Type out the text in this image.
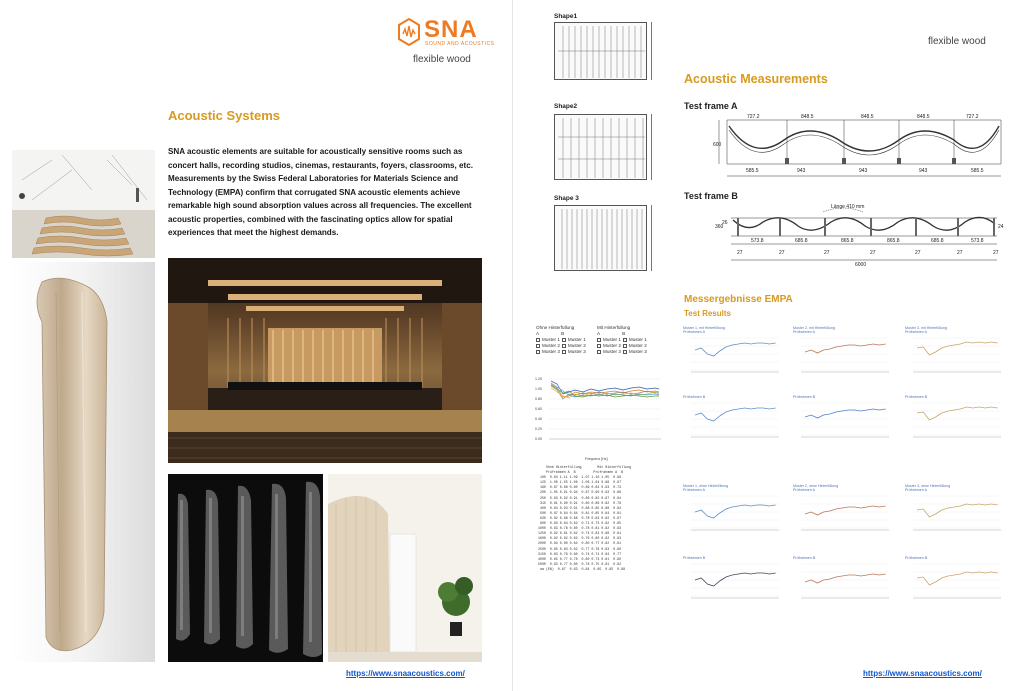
SNA
SOUND AND ACOUSTICS
flexible wood
Acoustic Systems
SNA acoustic elements are suitable for acoustically sensitive rooms such as concert halls, recording studios, cinemas, restaurants, foyers, classrooms, etc. Measurements by the Swiss Federal Laboratories for Materials Science and Technology (EMPA) confirm that corrugated SNA acoustic elements achieve remarkable high sound absorption values across all frequencies. The excellent acoustic properties, combined with the fascinating optics allow for spatial experiences that meet the highest demands.
https://www.snaacoustics.com/
flexible wood
Shape1
Shape2
Shape 3
Acoustic Measurements
Test frame A
727.2	848.5	848.5	848.5	727.2
585.5	943	943	943	585.5
600
Test frame B
Länge 410 mm
573.8	685.8	865.8	865.8	685.8	573.8
27	27	27	27	27	27	27
6000
360
26
24
Messergebnisse EMPA
Test Results
Ohne Hinterfüllung
A	B
Muster 1 Muster 1
Muster 2 Muster 2
Muster 3 Muster 3
Mit Hinterfüllung
A	B
Muster 1 Muster 1
Muster 2 Muster 2
Muster 3 Muster 3
1.20
1.00
0.80
0.60
0.40
0.20
0.00
Frequenz [Hz]
Ohne Hinterfüllung        Mit Hinterfüllung
Prüfrahmen A  B         Prüfrahmen A  B
100  0.84 1.11 1.09  1.07 1.10 1.05  0.99
125  1.00 1.05 1.06  1.06 1.04 0.96  0.97
160  0.87 0.88 0.80  0.89 0.84 0.83  0.73
200  1.05 0.91 0.94  0.87 0.90 0.93  0.86
250  0.83 0.92 0.91  0.86 0.82 0.87  0.84
315  0.91 0.90 0.91  0.80 0.86 0.82  0.79
400  0.84 0.93 0.91  0.88 0.85 0.86  0.84
500  0.87 0.84 0.84  0.81 0.85 0.84  0.81
630  0.82 0.86 0.88  0.78 0.83 0.82  0.87
800  0.83 0.84 0.82  0.71 0.73 0.82  0.85
1000  0.83 0.78 0.80  0.78 0.81 0.82  0.83
1250  0.82 0.81 0.82  0.74 0.83 0.88  0.81
1600  0.82 0.82 0.82  0.76 0.80 0.82  0.83
2000  0.84 0.80 0.84  0.80 0.77 0.82  0.81
2500  0.85 0.83 0.82  0.77 0.78 0.83  0.80
3150  0.83 0.76 0.80  0.74 0.74 0.84  0.77
4000  0.85 0.77 0.78  0.80 0.73 0.81  0.80
5000  0.83 0.77 0.80  0.78 0.75 0.81  0.82
αw (EN)  0.87  0.83  0.84  0.85  0.85  0.88
Muster 1, mit Hinterfüllung
Prüfrahmen A
Muster 2, mit Hinterfüllung
Prüfrahmen A
Muster 3, mit Hinterfüllung
Prüfrahmen A
Prüfrahmen B	Prüfrahmen B	Prüfrahmen B
Muster 1, ohne Hinterfüllung
Prüfrahmen A
Muster 2, ohne Hinterfüllung
Prüfrahmen A
Muster 3, ohne Hinterfüllung
Prüfrahmen A
Prüfrahmen B	Prüfrahmen B	Prüfrahmen B
https://www.snaacoustics.com/
